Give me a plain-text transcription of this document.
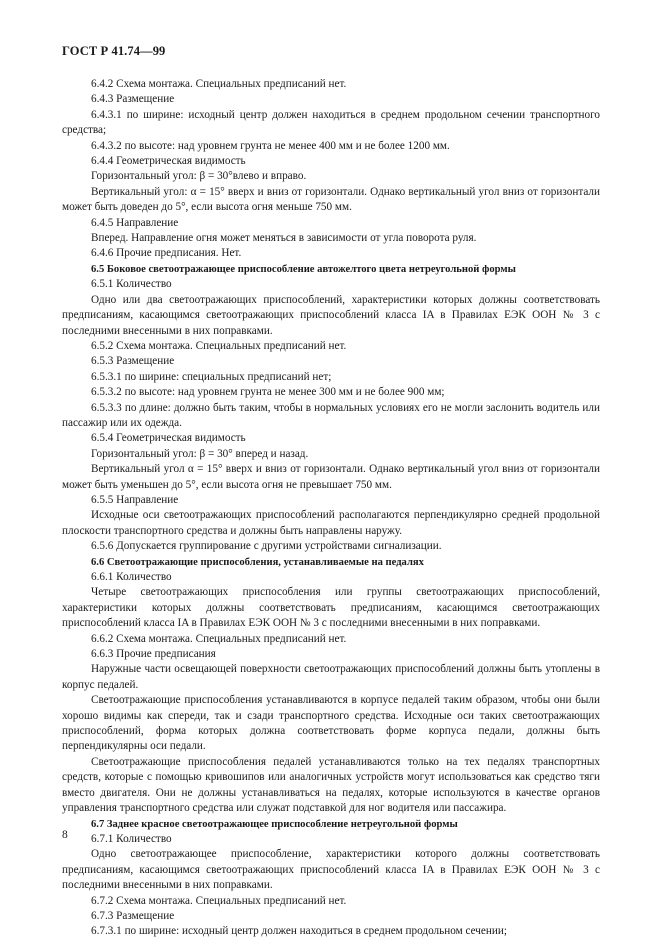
ГОСТ Р 41.74—99

6.4.2 Схема монтажа. Специальных предписаний нет.

6.4.3 Размещение

6.4.3.1 по ширине: исходный центр должен находиться в среднем продольном сечении транспортного средства;

6.4.3.2 по высоте: над уровнем грунта не менее 400 мм и не более 1200 мм.

6.4.4 Геометрическая видимость

Горизонтальный угол: β = 30°влево и вправо.

Вертикальный угол: α = 15° вверх и вниз от горизонтали. Однако вертикальный угол вниз от горизонтали может быть доведен до 5°, если высота огня меньше 750 мм.

6.4.5 Направление

Вперед. Направление огня может меняться в зависимости от угла поворота руля.

6.4.6 Прочие предписания. Нет.

6.5 Боковое светоотражающее приспособление автожелтого цвета нетреугольной формы

6.5.1 Количество

Одно или два светоотражающих приспособлений, характеристики которых должны соответствовать предписаниям, касающимся светоотражающих приспособлений класса IA в Правилах ЕЭК ООН № 3 с последними внесенными в них поправками.

6.5.2 Схема монтажа. Специальных предписаний нет.

6.5.3 Размещение

6.5.3.1 по ширине: специальных предписаний нет;

6.5.3.2 по высоте: над уровнем грунта не менее 300 мм и не более 900 мм;

6.5.3.3 по длине: должно быть таким, чтобы в нормальных условиях его не могли заслонить водитель или пассажир или их одежда.

6.5.4 Геометрическая видимость

Горизонтальный угол: β = 30° вперед и назад.

Вертикальный угол α = 15° вверх и вниз от горизонтали. Однако вертикальный угол вниз от горизонтали может быть уменьшен до 5°, если высота огня не превышает 750 мм.

6.5.5 Направление

Исходные оси светоотражающих приспособлений располагаются перпендикулярно средней продольной плоскости транспортного средства и должны быть направлены наружу.

6.5.6 Допускается группирование с другими устройствами сигнализации.

6.6 Светоотражающие приспособления, устанавливаемые на педалях

6.6.1 Количество

Четыре светоотражающих приспособления или группы светоотражающих приспособлений, характеристики которых должны соответствовать предписаниям, касающимся светоотражающих приспособлений класса IA в Правилах ЕЭК ООН № 3 с последними внесенными в них поправками.

6.6.2 Схема монтажа. Специальных предписаний нет.

6.6.3 Прочие предписания

Наружные части освещающей поверхности светоотражающих приспособлений должны быть утоплены в корпус педалей.

Светоотражающие приспособления устанавливаются в корпусе педалей таким образом, чтобы они были хорошо видимы как спереди, так и сзади транспортного средства. Исходные оси таких светоотражающих приспособлений, форма которых должна соответствовать форме корпуса педали, должны быть перпендикулярны оси педали.

Светоотражающие приспособления педалей устанавливаются только на тех педалях транспортных средств, которые с помощью кривошипов или аналогичных устройств могут использоваться как средство тяги вместо двигателя. Они не должны устанавливаться на педалях, которые используются в качестве органов управления транспортного средства или служат подставкой для ног водителя или пассажира.

6.7 Заднее красное светоотражающее приспособление нетреугольной формы

6.7.1 Количество

Одно светоотражающее приспособление, характеристики которого должны соответствовать предписаниям, касающимся светоотражающих приспособлений класса IA в Правилах ЕЭК ООН № 3 с последними внесенными в них поправками.

6.7.2 Схема монтажа. Специальных предписаний нет.

6.7.3 Размещение

6.7.3.1 по ширине: исходный центр должен находиться в среднем продольном сечении;

8
